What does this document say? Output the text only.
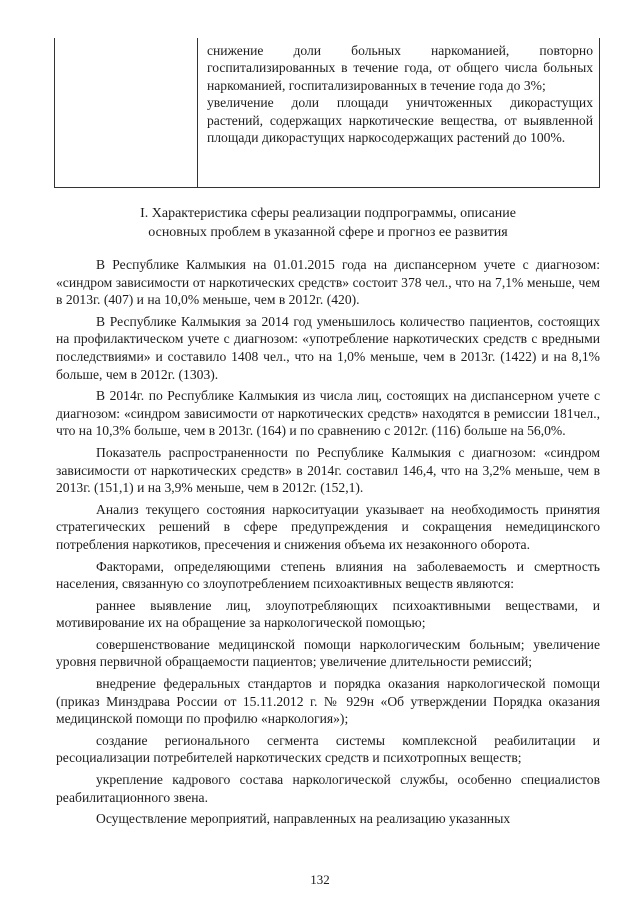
снижение доли больных наркоманией, повторно госпитализированных в течение года, от общего числа больных наркоманией, госпитализированных в течение года до 3%;

увеличение доли площади уничтоженных дикорастущих растений, содержащих наркотические вещества, от выявленной площади дикорастущих наркосодержащих растений до 100%.

I. Характеристика сферы реализации подпрограммы, описание
основных проблем в указанной сфере и прогноз ее развития

В Республике Калмыкия на 01.01.2015 года на диспансерном учете с диагнозом: «синдром зависимости от наркотических средств» состоит 378 чел., что на 7,1% меньше, чем в 2013г. (407) и на 10,0% меньше, чем в 2012г. (420).

В Республике Калмыкия за 2014 год уменьшилось количество пациентов, состоящих на профилактическом учете с диагнозом: «употребление наркотических средств с вредными последствиями» и составило 1408 чел., что на 1,0% меньше, чем в 2013г. (1422) и на 8,1% больше, чем в 2012г. (1303).

В 2014г. по Республике Калмыкия из числа лиц, состоящих на диспансерном учете с диагнозом: «синдром зависимости от наркотических средств» находятся в ремиссии 181чел., что на 10,3% больше, чем в 2013г. (164) и по сравнению с 2012г. (116) больше на 56,0%.

Показатель распространенности по Республике Калмыкия с диагнозом: «синдром зависимости от наркотических средств» в 2014г. составил 146,4, что на 3,2% меньше, чем в 2013г. (151,1) и на 3,9% меньше, чем в 2012г. (152,1).

Анализ текущего состояния наркоситуации указывает на необходимость принятия стратегических решений в сфере предупреждения и сокращения немедицинского потребления наркотиков, пресечения и снижения объема их незаконного оборота.

Факторами, определяющими степень влияния на заболеваемость и смертность населения, связанную со злоупотреблением психоактивных веществ являются:

раннее выявление лиц, злоупотребляющих психоактивными веществами, и мотивирование их на обращение за наркологической помощью;

совершенствование медицинской помощи наркологическим больным; увеличение уровня первичной обращаемости пациентов; увеличение длительности ремиссий;

внедрение федеральных стандартов и порядка оказания наркологической помощи (приказ Минздрава России от 15.11.2012 г. № 929н «Об утверждении Порядка оказания медицинской помощи по профилю «наркология»);

создание регионального сегмента системы комплексной реабилитации и ресоциализации потребителей наркотических средств и психотропных веществ;

укрепление кадрового состава наркологической службы, особенно специалистов реабилитационного звена.

Осуществление мероприятий, направленных на реализацию указанных

132
